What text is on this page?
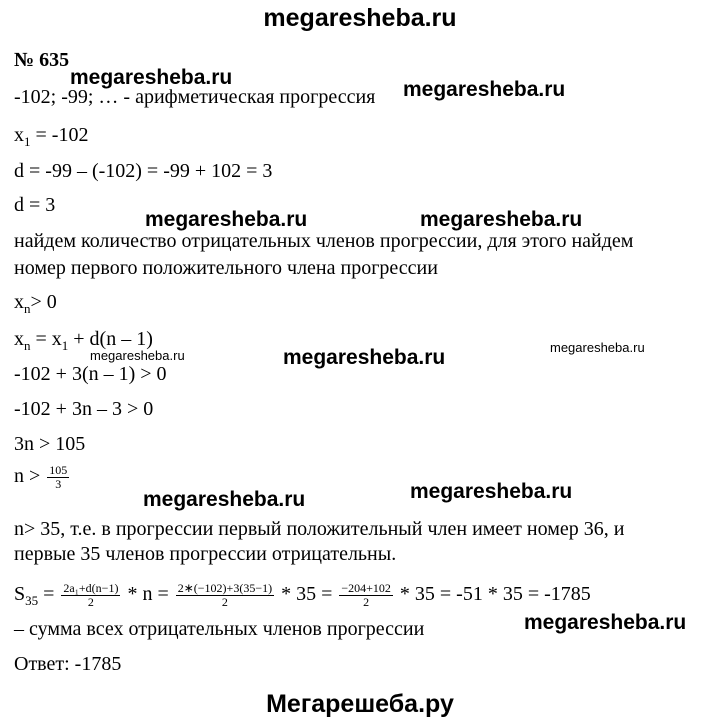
megaresheba.ru
№ 635
-102; -99; … - арифметическая прогрессия
$x_1 = -102$
d = -99 – (-102) = -99 + 102 = 3
d = 3
найдем количество отрицательных членов прогрессии, для этого найдем
номер первого положительного члена прогрессии
$x_n> 0$
$x_n = x_1 + d(n - 1)$
-102 + 3(n – 1) > 0
-102 + 3n – 3 > 0
3n > 105
$n > \frac{105}{3}$
n> 35, т.е. в прогрессии первый положительный член имеет номер 36, и
первые 35 членов прогрессии отрицательны.
$S_{35} = \frac{\text{2a₁+d(n−1)}}{2} * n = \frac{2∗(-102)+3(35-1)}{2} * 35 = \frac{-204+102}{2} * 35 = -51 * 35 = -1785$
– сумма всех отрицательных членов прогрессии
Ответ: -1785
Мегарешеба.ру
megaresheba.ru
megaresheba.ru
megaresheba.ru	megaresheba.ru
megaresheba.ru	megaresheba.ru	megaresheba.ru
megaresheba.ru	megaresheba.ru
megaresheba.ru
